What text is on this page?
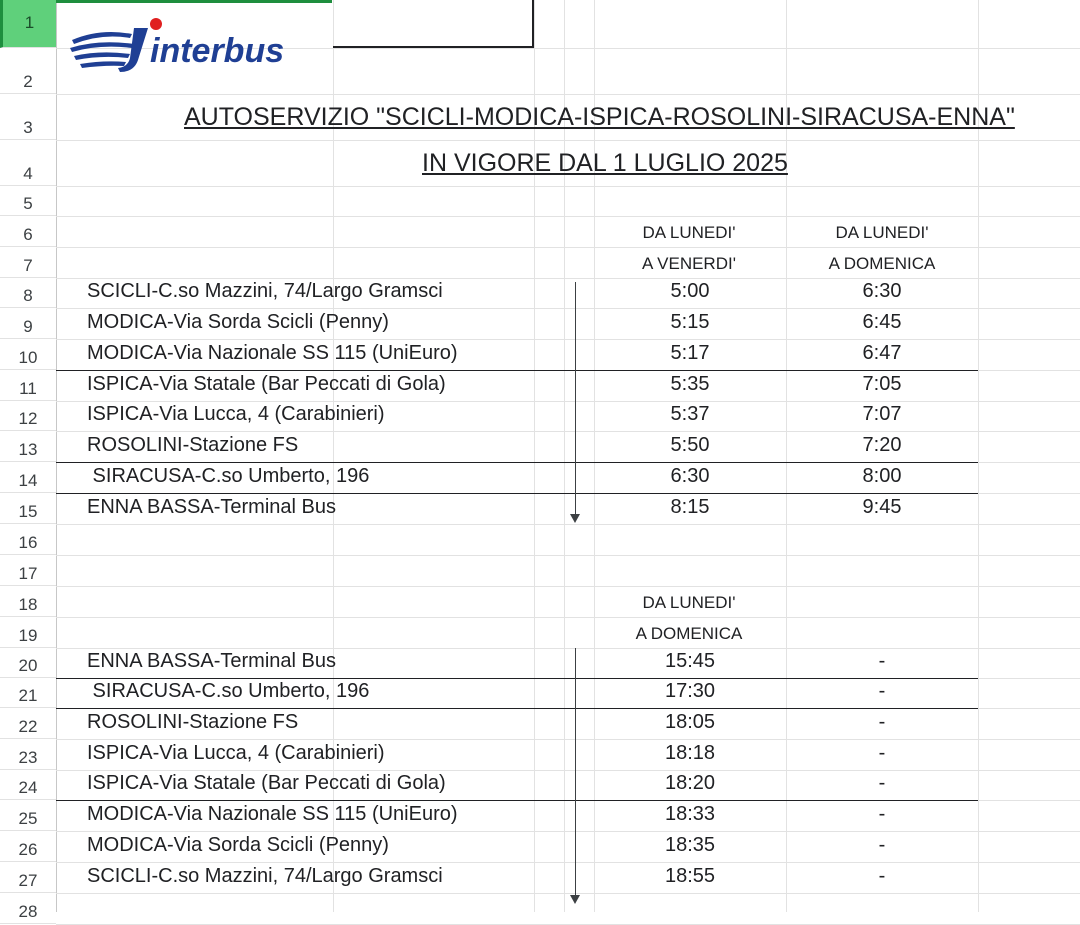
1
2
3
4
5
6
7
8
9
10
11
12
13
14
15
16
17
18
19
20
21
22
23
24
25
26
27
28
interbus
AUTOSERVIZIO "SCICLI-MODICA-ISPICA-ROSOLINI-SIRACUSA-ENNA"
IN VIGORE DAL 1 LUGLIO 2025
DA LUNEDI'
A VENERDI'
DA LUNEDI'
A DOMENICA
SCICLI-C.so Mazzini, 74/Largo Gramsci	5:00	6:30
MODICA-Via Sorda Scicli (Penny)	5:15	6:45
MODICA-Via Nazionale SS 115 (UniEuro)	5:17	6:47
ISPICA-Via Statale (Bar Peccati di Gola)	5:35	7:05
ISPICA-Via Lucca, 4 (Carabinieri)	5:37	7:07
ROSOLINI-Stazione FS	5:50	7:20
SIRACUSA-C.so Umberto, 196	6:30	8:00
ENNA BASSA-Terminal Bus	8:15	9:45
DA LUNEDI'
A DOMENICA
ENNA BASSA-Terminal Bus	15:45	-
SIRACUSA-C.so Umberto, 196	17:30	-
ROSOLINI-Stazione FS	18:05	-
ISPICA-Via Lucca, 4 (Carabinieri)	18:18	-
ISPICA-Via Statale (Bar Peccati di Gola)	18:20	-
MODICA-Via Nazionale SS 115 (UniEuro)	18:33	-
MODICA-Via Sorda Scicli (Penny)	18:35	-
SCICLI-C.so Mazzini, 74/Largo Gramsci	18:55	-
